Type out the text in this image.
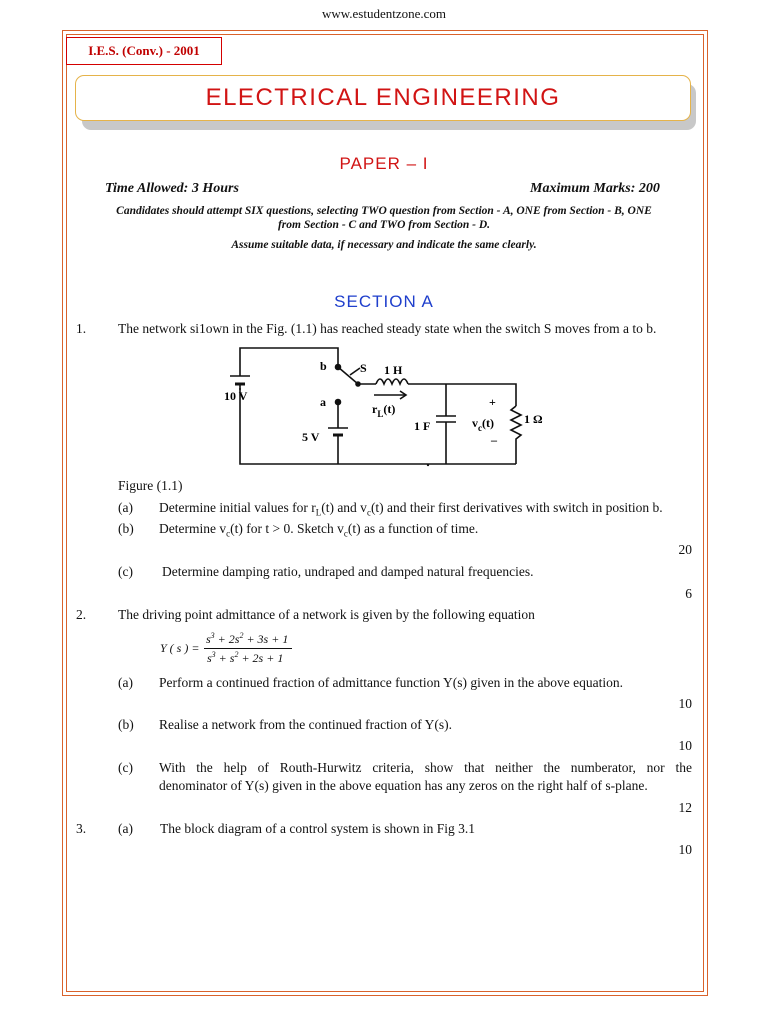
www.estudentzone.com
I.E.S. (Conv.) - 2001
ELECTRICAL ENGINEERING
PAPER – I
Time Allowed: 3 Hours	Maximum Marks: 200
Candidates should attempt SIX questions, selecting TWO question from Section - A, ONE from Section - B, ONE
from Section - C and TWO from Section - D.
Assume suitable data, if necessary and indicate the same clearly.
SECTION A
1. The network si1own in the Fig. (1.1) has reached steady state when the switch S moves from a to b.
10 V
b	S 1 H
$r_L(t)$
a
5 V
1 F
+
$v_c(t)$
–
1 Ω
Figure (1.1)
(a) Determine initial values for $r_L(t)$ and $v_c(t)$ and their first derivatives with switch in position b.
(b) Determine $v_c(t)$ for t > 0. Sketch $v_c(t)$ as a function of time.
20
(c) Determine damping ratio, undraped and damped natural frequencies.
6
2. The driving point admittance of a network is given by the following equation
Y ( s ) =
$s^3 + 2s^2 + 3s + 1$
$s^3 + s^2 + 2s + 1$
(a) Perform a continued fraction of admittance function Y(s) given in the above equation.
10
(b) Realise a network from the continued fraction of Y(s).
10
(c) With the help of Routh-Hurwitz criteria, show that neither the numberator, nor the
denominator of Y(s) given in the above equation has any zeros on the right half of s-plane.
12
3. (a) The block diagram of a control system is shown in Fig 3.1
10
